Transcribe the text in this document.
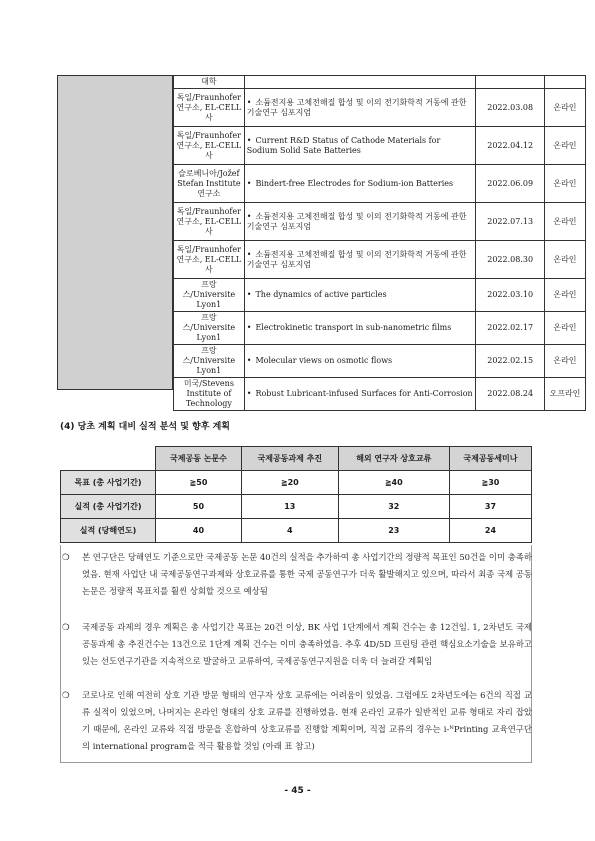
대학			
독일/Fraunhofer 연구소, EL-CELL 사	• 소듐전지용 고체전해질 합성 및 이의 전기화학적 거동에 관한 기술연구 심포지엄	2022.03.08	온라인
독일/Fraunhofer 연구소, EL-CELL 사	• Current R&D Status of Cathode Materials for Sodium Solid Sate Batteries	2022.04.12	온라인
슬로베니아/Jožef Stefan Institute 연구소	• Bindert-free Electrodes for Sodium-ion Batteries	2022.06.09	온라인
독일/Fraunhofer 연구소, EL-CELL 사	• 소듐전지용 고체전해질 합성 및 이의 전기화학적 거동에 관한 기술연구 심포지엄	2022.07.13	온라인
독일/Fraunhofer 연구소, EL-CELL 사	• 소듐전지용 고체전해질 합성 및 이의 전기화학적 거동에 관한 기술연구 심포지엄	2022.08.30	온라인
프랑스/Universite Lyon1	• The dynamics of active particles	2022.03.10	온라인
프랑스/Universite Lyon1	• Electrokinetic transport in sub-nanometric films	2022.02.17	온라인
프랑스/Universite Lyon1	• Molecular views on osmotic flows	2022.02.15	온라인
미국/Stevens Institute of Technology	• Robust Lubricant-infused Surfaces for Anti-Corrosion	2022.08.24	오프라인
(4) 당초 계획 대비 실적 분석 및 향후 계획
	국제공동 논문수	국제공동과제 추진	해외 연구자 상호교류	국제공동세미나
목표 (총 사업기간)	≧50	≧20	≧40	≧30
실적 (총 사업기간)	50	13	32	37
실적 (당해연도)	40	4	23	24
❍ 본 연구단은 당해연도 기준으로만 국제공동 논문 40건의 실적을 추가하여 총 사업기간의 정량적 목표인 50건을 이미 충족하였음. 현재 사업단 내 국제공동연구과제와 상호교류를 통한 국제 공동연구가 더욱 활발해지고 있으며, 따라서 최종 국제 공동 논문은 정량적 목표치를 훨씬 상회할 것으로 예상됨
❍ 국제공동 과제의 경우 계획은 총 사업기간 목표는 20건 이상, BK 사업 1단계에서 계획 건수는 총 12건임. 1, 2차년도 국제공동과제 총 추진건수는 13건으로 1단계 계획 건수는 이미 충족하였음. 추후 4D/5D 프린팅 관련 핵심요소기술을 보유하고 있는 선도연구기관을 지속적으로 발굴하고 교류하여, 국제공동연구지원을 더욱 더 늘려갈 계획임
❍ 코로나로 인해 여전히 상호 기관 방문 형태의 연구자 상호 교류에는 어려움이 있었음. 그럼에도 2차년도에는 6건의 직접 교류 실적이 있었으며, 나머지는 온라인 형태의 상호 교류를 진행하였음. 현재 온라인 교류가 일반적인 교류 형태로 자리 잡았기 때문에, 온라인 교류와 직접 방문을 혼합하여 상호교류를 진행할 계획이며, 직접 교류의 경우는 i-ᴺPrinting 교육연구단의 international program을 적극 활용할 것임 (아래 표 참고)
- 45 -
